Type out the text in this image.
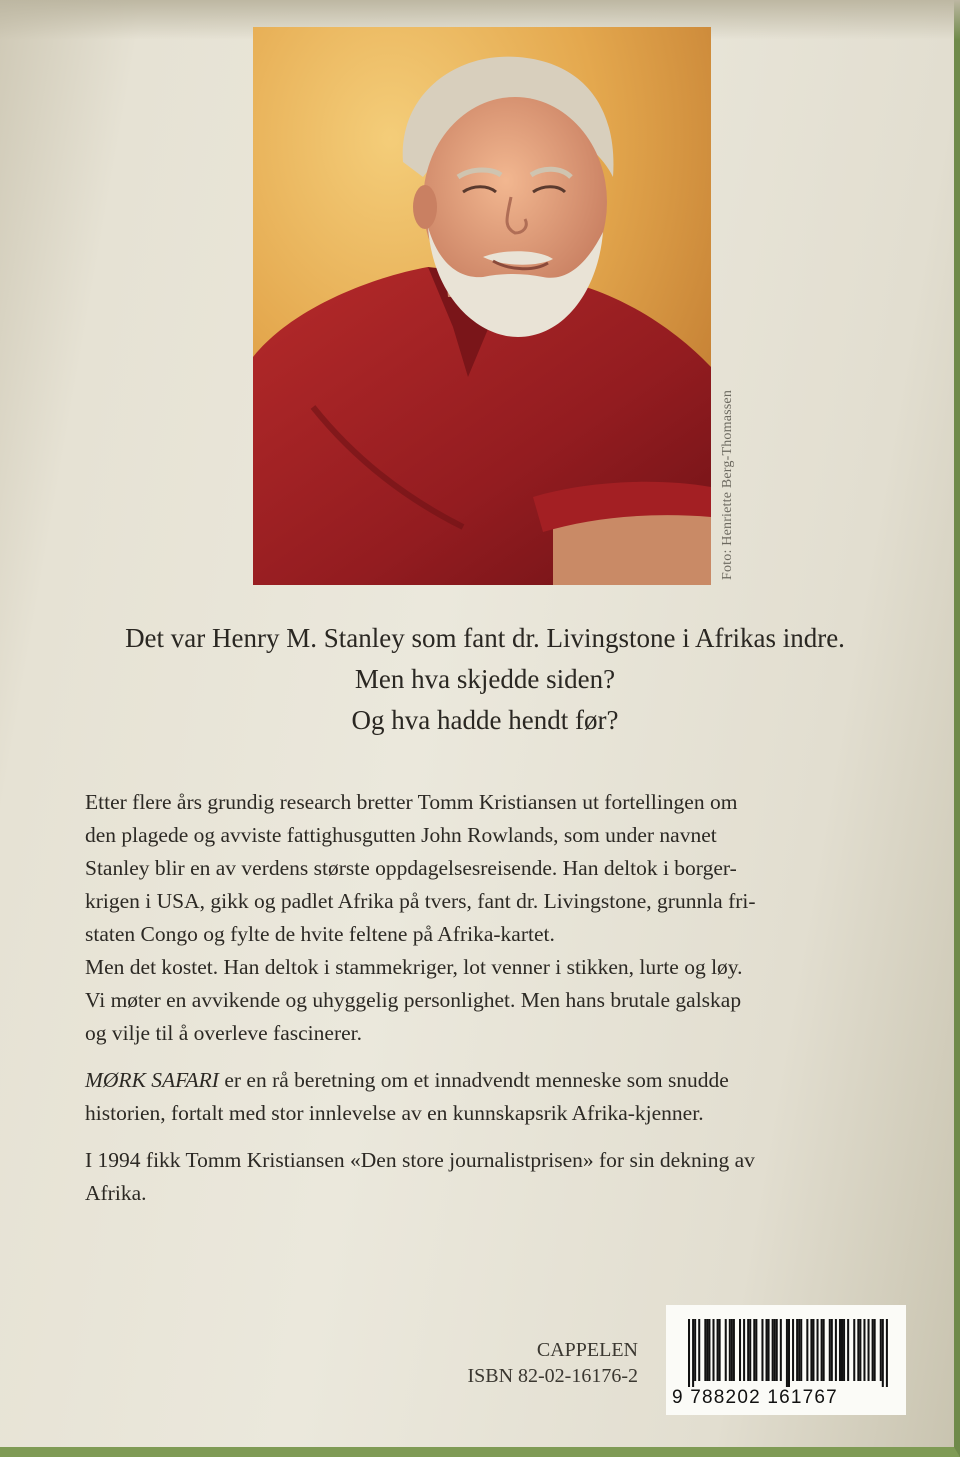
Foto: Henriette Berg-Thomassen
Det var Henry M. Stanley som fant dr. Livingstone i Afrikas indre.
Men hva skjedde siden?
Og hva hadde hendt før?

Etter flere års grundig research bretter Tomm Kristiansen ut fortellingen om

den plagede og avviste fattighusgutten John Rowlands, som under navnet

Stanley blir en av verdens største oppdagelsesreisende. Han deltok i borger-

krigen i USA, gikk og padlet Afrika på tvers, fant dr. Livingstone, grunnla fri-

staten Congo og fylte de hvite feltene på Afrika-kartet.

Men det kostet. Han deltok i stammekriger, lot venner i stikken, lurte og løy.

Vi møter en avvikende og uhyggelig personlighet. Men hans brutale galskap

og vilje til å overleve fascinerer.

MØRK SAFARI er en rå beretning om et innadvendt menneske som snudde

historien, fortalt med stor innlevelse av en kunnskapsrik Afrika-kjenner.

I 1994 fikk Tomm Kristiansen «Den store journalistprisen» for sin dekning av

Afrika.

CAPPELEN
ISBN 82-02-16176-2
9 788202 161767
